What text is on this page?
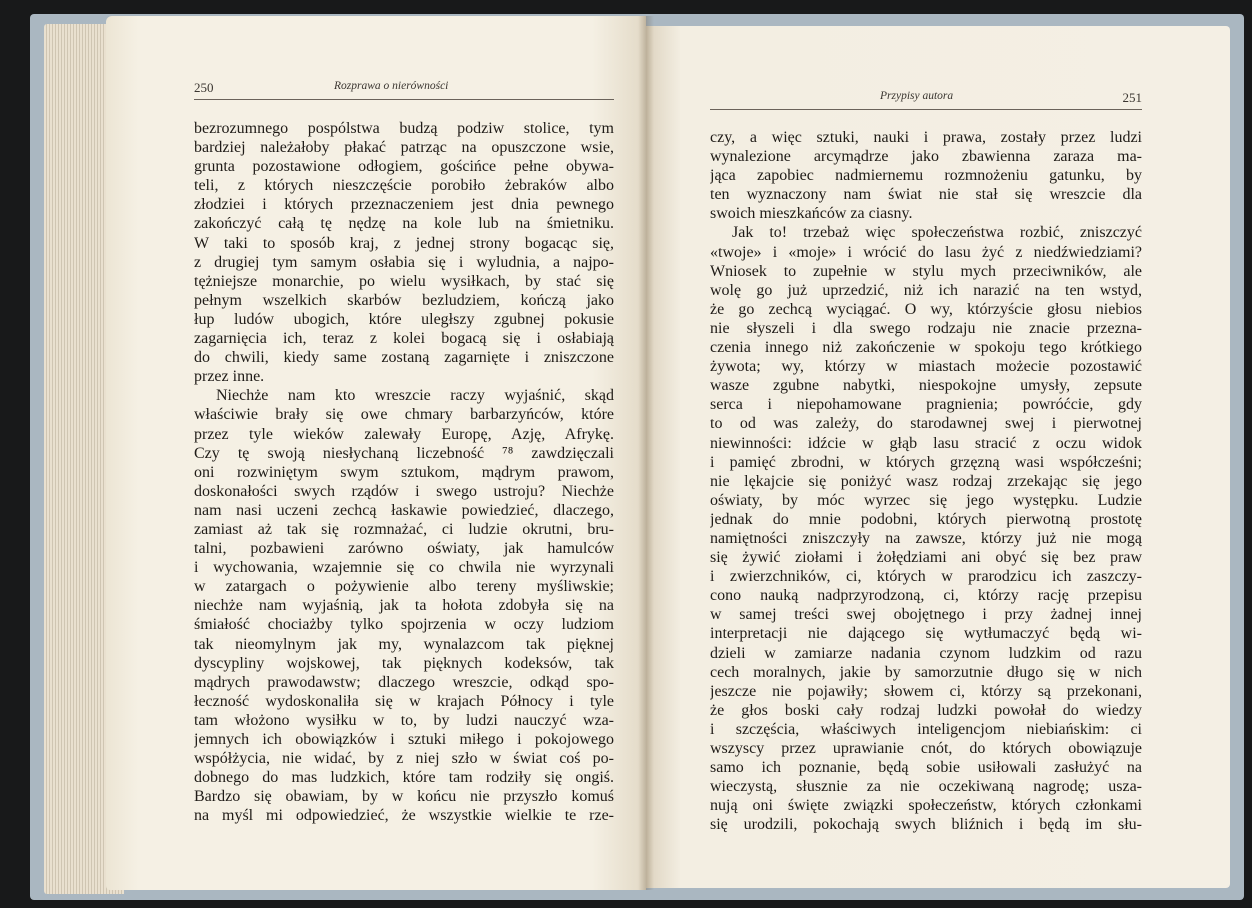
250	Rozprawa o nierówności
bezrozumnego pospólstwa budzą podziw stolice, tym
bardziej należałoby płakać patrząc na opuszczone wsie,
grunta pozostawione odłogiem, gościńce pełne obywa-
teli, z których nieszczęście porobiło żebraków albo
złodziei i których przeznaczeniem jest dnia pewnego
zakończyć całą tę nędzę na kole lub na śmietniku.
W taki to sposób kraj, z jednej strony bogacąc się,
z drugiej tym samym osłabia się i wyludnia, a najpo-
tężniejsze monarchie, po wielu wysiłkach, by stać się
pełnym wszelkich skarbów bezludziem, kończą jako
łup ludów ubogich, które uległszy zgubnej pokusie
zagarnięcia ich, teraz z kolei bogacą się i osłabiają
do chwili, kiedy same zostaną zagarnięte i zniszczone
przez inne.
Niechże nam kto wreszcie raczy wyjaśnić, skąd
właściwie brały się owe chmary barbarzyńców, które
przez tyle wieków zalewały Europę, Azję, Afrykę.
Czy tę swoją niesłychaną liczebność ⁷⁸ zawdzięczali
oni rozwiniętym swym sztukom, mądrym prawom,
doskonałości swych rządów i swego ustroju? Niechże
nam nasi uczeni zechcą łaskawie powiedzieć, dlaczego,
zamiast aż tak się rozmnażać, ci ludzie okrutni, bru-
talni, pozbawieni zarówno oświaty, jak hamulców
i wychowania, wzajemnie się co chwila nie wyrzynali
w zatargach o pożywienie albo tereny myśliwskie;
niechże nam wyjaśnią, jak ta hołota zdobyła się na
śmiałość chociażby tylko spojrzenia w oczy ludziom
tak nieomylnym jak my, wynalazcom tak pięknej
dyscypliny wojskowej, tak pięknych kodeksów, tak
mądrych prawodawstw; dlaczego wreszcie, odkąd spo-
łeczność wydoskonaliła się w krajach Północy i tyle
tam włożono wysiłku w to, by ludzi nauczyć wza-
jemnych ich obowiązków i sztuki miłego i pokojowego
współżycia, nie widać, by z niej szło w świat coś po-
dobnego do mas ludzkich, które tam rodziły się ongiś.
Bardzo się obawiam, by w końcu nie przyszło komuś
na myśl mi odpowiedzieć, że wszystkie wielkie te rze-
Przypisy autora	251
czy, a więc sztuki, nauki i prawa, zostały przez ludzi
wynalezione arcymądrze jako zbawienna zaraza ma-
jąca zapobiec nadmiernemu rozmnożeniu gatunku, by
ten wyznaczony nam świat nie stał się wreszcie dla
swoich mieszkańców za ciasny.
Jak to! trzebaż więc społeczeństwa rozbić, zniszczyć
«twoje» i «moje» i wrócić do lasu żyć z niedźwiedziami?
Wniosek to zupełnie w stylu mych przeciwników, ale
wolę go już uprzedzić, niż ich narazić na ten wstyd,
że go zechcą wyciągać. O wy, którzyście głosu niebios
nie słyszeli i dla swego rodzaju nie znacie przezna-
czenia innego niż zakończenie w spokoju tego krótkiego
żywota; wy, którzy w miastach możecie pozostawić
wasze zgubne nabytki, niespokojne umysły, zepsute
serca i niepohamowane pragnienia; powróćcie, gdy
to od was zależy, do starodawnej swej i pierwotnej
niewinności: idźcie w głąb lasu stracić z oczu widok
i pamięć zbrodni, w których grzęzną wasi współcześni;
nie lękajcie się poniżyć wasz rodzaj zrzekając się jego
oświaty, by móc wyrzec się jego występku. Ludzie
jednak do mnie podobni, których pierwotną prostotę
namiętności zniszczyły na zawsze, którzy już nie mogą
się żywić ziołami i żołędziami ani obyć się bez praw
i zwierzchników, ci, których w prarodzicu ich zaszczy-
cono nauką nadprzyrodzoną, ci, którzy rację przepisu
w samej treści swej obojętnego i przy żadnej innej
interpretacji nie dającego się wytłumaczyć będą wi-
dzieli w zamiarze nadania czynom ludzkim od razu
cech moralnych, jakie by samorzutnie długo się w nich
jeszcze nie pojawiły; słowem ci, którzy są przekonani,
że głos boski cały rodzaj ludzki powołał do wiedzy
i szczęścia, właściwych inteligencjom niebiańskim: ci
wszyscy przez uprawianie cnót, do których obowiązuje
samo ich poznanie, będą sobie usiłowali zasłużyć na
wieczystą, słusznie za nie oczekiwaną nagrodę; uszа-
nują oni święte związki społeczeństw, których członkami
się urodzili, pokochają swych bliźnich i będą im słu-
